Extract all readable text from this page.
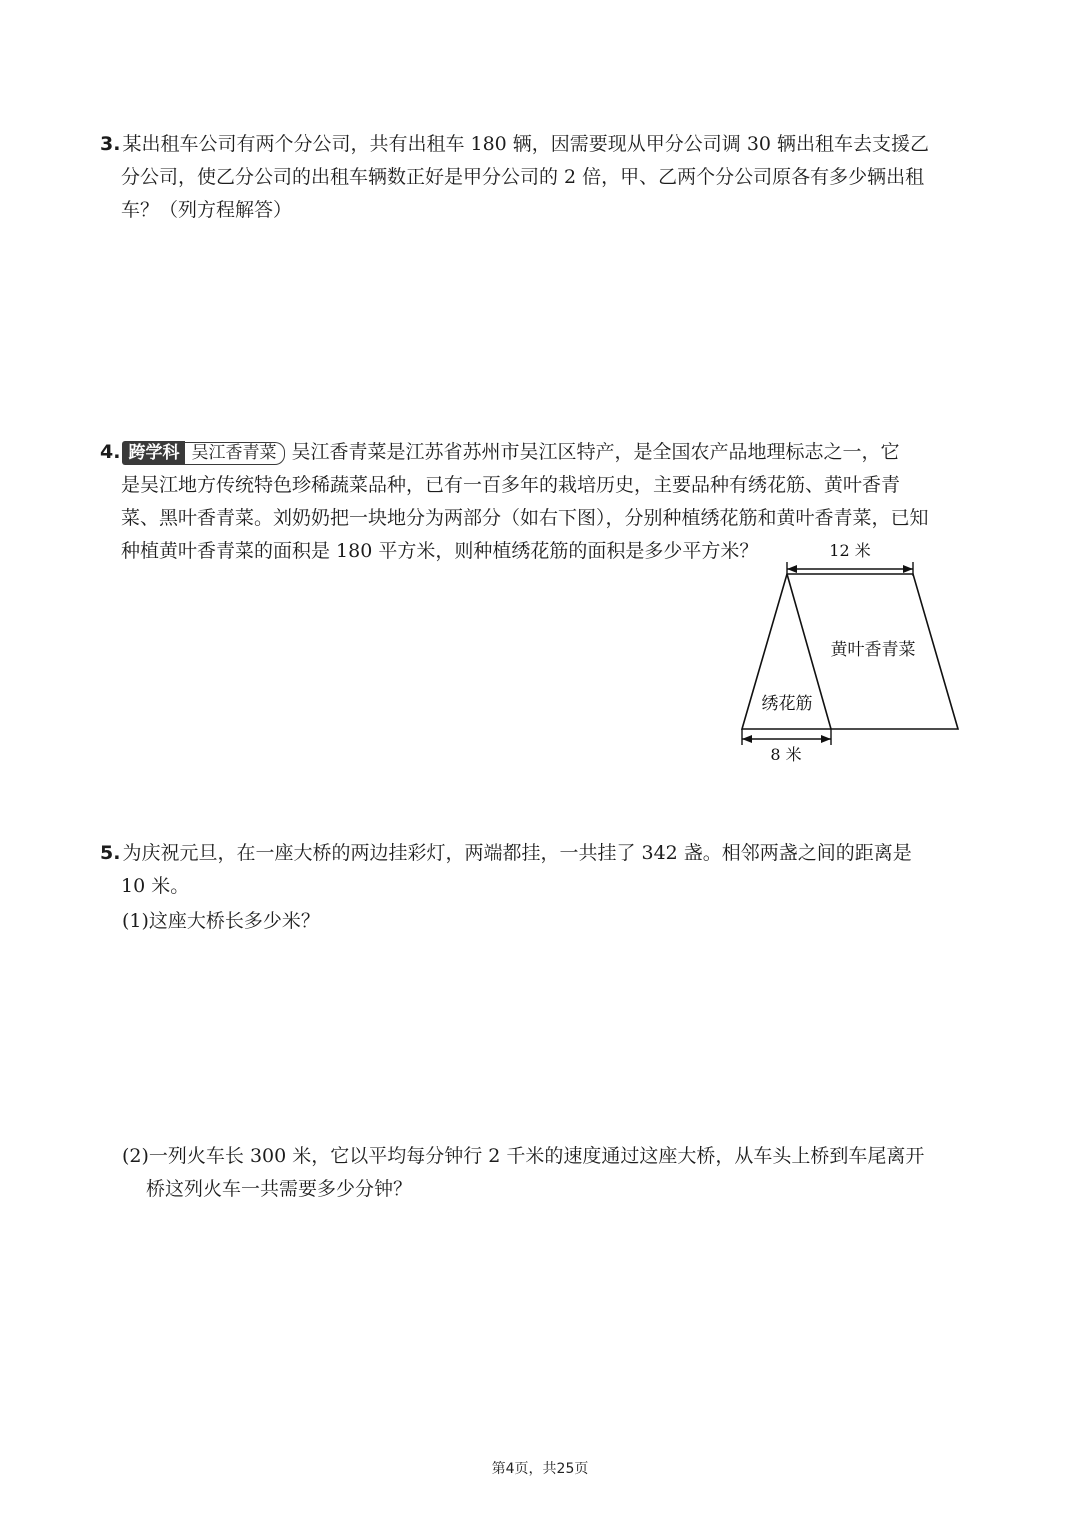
3. 某出租车公司有两个分公司，共有出租车 180 辆，因需要现从甲分公司调 30 辆出租车去支援乙
分公司，使乙分公司的出租车辆数正好是甲分公司的 2 倍，甲、乙两个分公司原各有多少辆出租
车？（列方程解答）
4. 跨学科 吴江香青菜 吴江香青菜是江苏省苏州市吴江区特产，是全国农产品地理标志之一，它
是吴江地方传统特色珍稀蔬菜品种，已有一百多年的栽培历史，主要品种有绣花筋、黄叶香青
菜、黑叶香青菜。刘奶奶把一块地分为两部分（如右下图），分别种植绣花筋和黄叶香青菜，已知
种植黄叶香青菜的面积是 180 平方米，则种植绣花筋的面积是多少平方米？	12 米
黄叶香青菜
绣花筋
8 米
5. 为庆祝元旦，在一座大桥的两边挂彩灯，两端都挂，一共挂了 342 盏。相邻两盏之间的距离是
10 米。
(1)这座大桥长多少米？
(2)一列火车长 300 米，它以平均每分钟行 2 千米的速度通过这座大桥，从车头上桥到车尾离开
桥这列火车一共需要多少分钟？
第4页，共25页
